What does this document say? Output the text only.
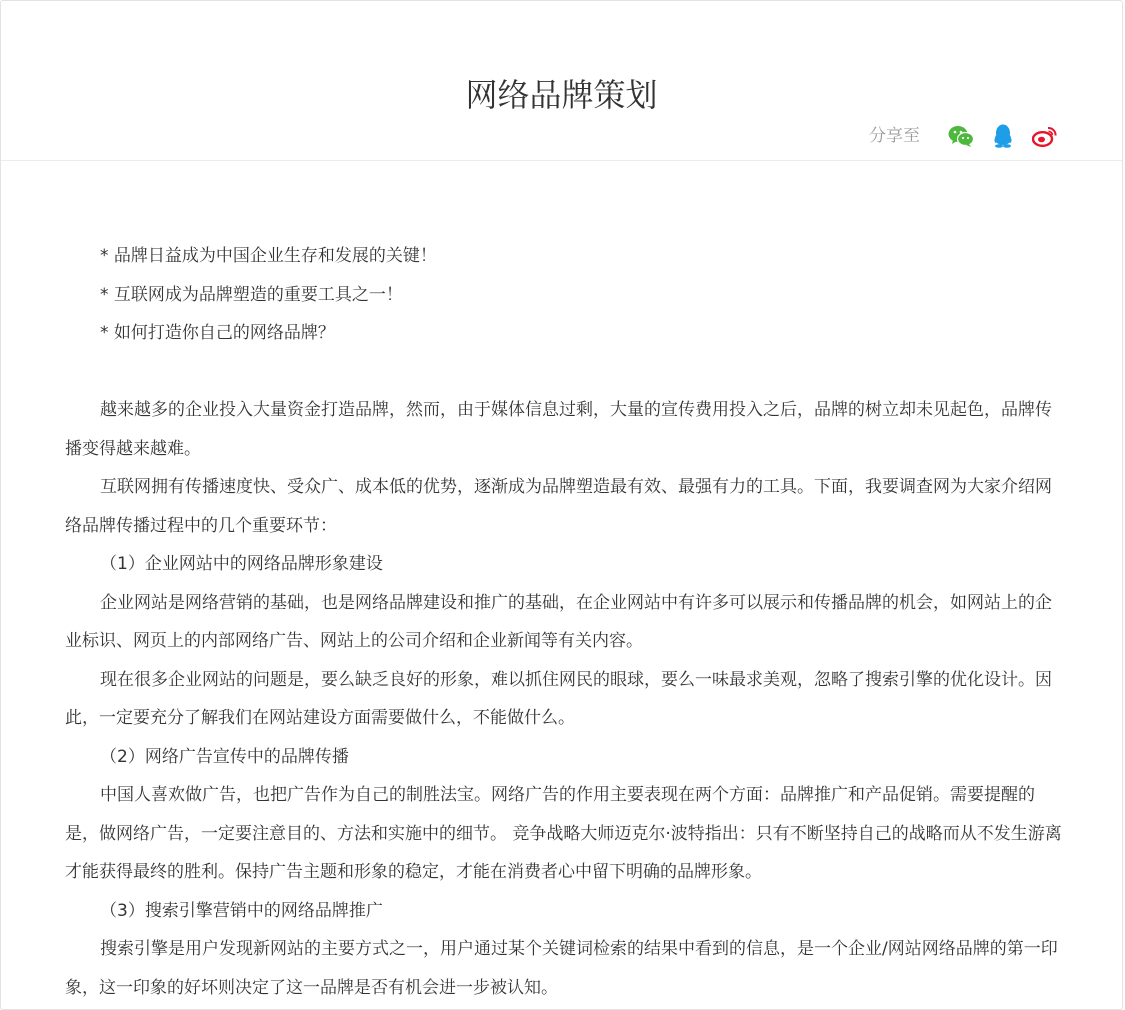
网络品牌策划
分享至

* 品牌日益成为中国企业生存和发展的关键！

* 互联网成为品牌塑造的重要工具之一！

* 如何打造你自己的网络品牌？

越来越多的企业投入大量资金打造品牌，然而，由于媒体信息过剩，大量的宣传费用投入之后，品牌的树立却未见起色，品牌传播变得越来越难。

互联网拥有传播速度快、受众广、成本低的优势，逐渐成为品牌塑造最有效、最强有力的工具。下面，我要调查网为大家介绍网络品牌传播过程中的几个重要环节：

（1）企业网站中的网络品牌形象建设

企业网站是网络营销的基础，也是网络品牌建设和推广的基础，在企业网站中有许多可以展示和传播品牌的机会，如网站上的企业标识、网页上的内部网络广告、网站上的公司介绍和企业新闻等有关内容。

现在很多企业网站的问题是，要么缺乏良好的形象，难以抓住网民的眼球，要么一味最求美观，忽略了搜索引擎的优化设计。因此，一定要充分了解我们在网站建设方面需要做什么，不能做什么。

（2）网络广告宣传中的品牌传播

中国人喜欢做广告，也把广告作为自己的制胜法宝。网络广告的作用主要表现在两个方面：品牌推广和产品促销。需要提醒的是，做网络广告，一定要注意目的、方法和实施中的细节。 竞争战略大师迈克尔·波特指出：只有不断坚持自己的战略而从不发生游离才能获得最终的胜利。保持广告主题和形象的稳定，才能在消费者心中留下明确的品牌形象。

（3）搜索引擎营销中的网络品牌推广

搜索引擎是用户发现新网站的主要方式之一，用户通过某个关键词检索的结果中看到的信息，是一个企业/网站网络品牌的第一印象，这一印象的好坏则决定了这一品牌是否有机会进一步被认知。
